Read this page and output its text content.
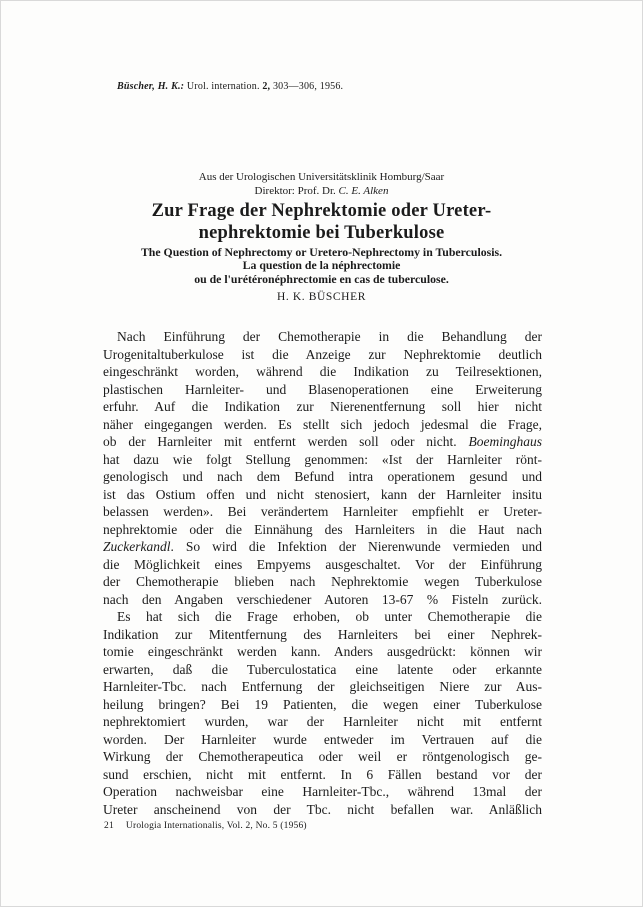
Büscher, H. K.: Urol. internation. 2, 303—306, 1956.
Aus der Urologischen Universitätsklinik Homburg/Saar
Direktor: Prof. Dr. C. E. Alken
Zur Frage der Nephrektomie oder Ureter-
nephrektomie bei Tuberkulose
The Question of Nephrectomy or Uretero-Nephrectomy in Tuberculosis.
La question de la néphrectomie
ou de l'urétéronéphrectomie en cas de tuberculose.
H. K. BÜSCHER
Nach Einführung der Chemotherapie in die Behandlung der
Urogenitaltuberkulose ist die Anzeige zur Nephrektomie deutlich
eingeschränkt worden, während die Indikation zu Teilresektionen,
plastischen Harnleiter- und Blasenoperationen eine Erweiterung
erfuhr. Auf die Indikation zur Nierenentfernung soll hier nicht
näher eingegangen werden. Es stellt sich jedoch jedesmal die Frage,
ob der Harnleiter mit entfernt werden soll oder nicht. Boeminghaus
hat dazu wie folgt Stellung genommen: «Ist der Harnleiter rönt-
genologisch und nach dem Befund intra operationem gesund und
ist das Ostium offen und nicht stenosiert, kann der Harnleiter insitu
belassen werden». Bei verändertem Harnleiter empfiehlt er Ureter-
nephrektomie oder die Einnähung des Harnleiters in die Haut nach
Zuckerkandl. So wird die Infektion der Nierenwunde vermieden und
die Möglichkeit eines Empyems ausgeschaltet. Vor der Einführung
der Chemotherapie blieben nach Nephrektomie wegen Tuberkulose
nach den Angaben verschiedener Autoren 13-67 % Fisteln zurück.
Es hat sich die Frage erhoben, ob unter Chemotherapie die
Indikation zur Mitentfernung des Harnleiters bei einer Nephrek-
tomie eingeschränkt werden kann. Anders ausgedrückt: können wir
erwarten, daß die Tuberculostatica eine latente oder erkannte
Harnleiter-Tbc. nach Entfernung der gleichseitigen Niere zur Aus-
heilung bringen? Bei 19 Patienten, die wegen einer Tuberkulose
nephrektomiert wurden, war der Harnleiter nicht mit entfernt
worden. Der Harnleiter wurde entweder im Vertrauen auf die
Wirkung der Chemotherapeutica oder weil er röntgenologisch ge-
sund erschien, nicht mit entfernt. In 6 Fällen bestand vor der
Operation nachweisbar eine Harnleiter-Tbc., während 13mal der
Ureter anscheinend von der Tbc. nicht befallen war. Anläßlich
21 Urologia Internationalis, Vol. 2, No. 5 (1956)
